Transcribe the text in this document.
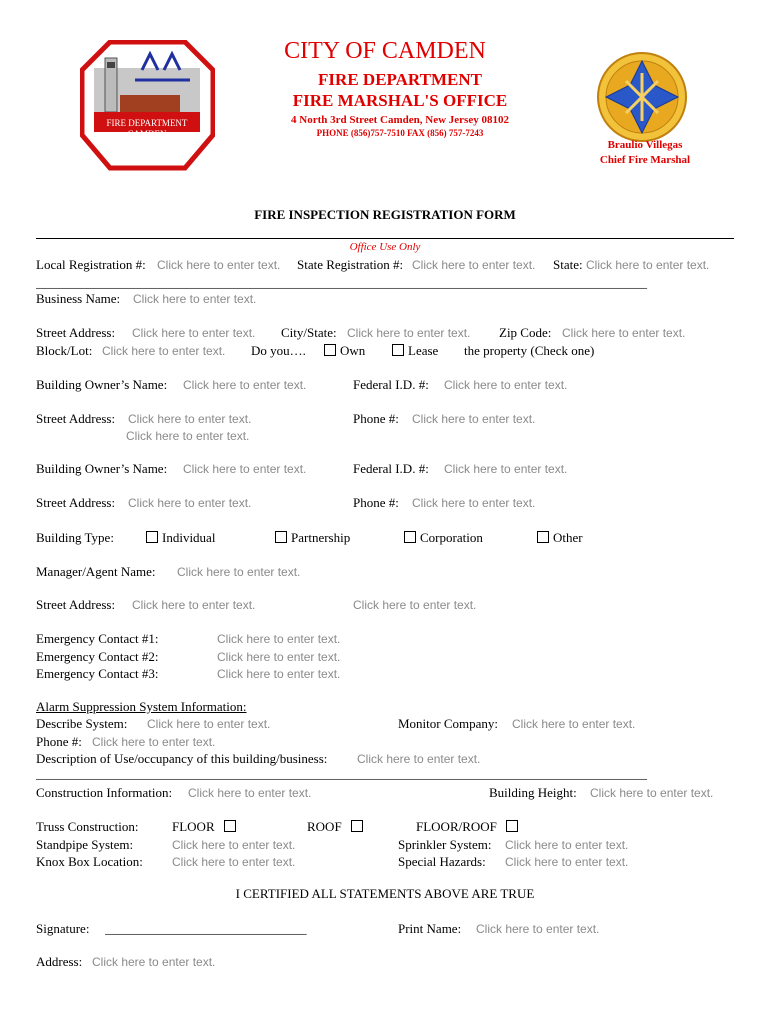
FIRE DEPARTMENT
CAMDEN
NEW JERSEY
CITY OF CAMDEN
FIRE DEPARTMENT
FIRE MARSHAL'S OFFICE
4 North 3rd Street Camden, New Jersey 08102
PHONE (856)757-7510 FAX (856) 757-7243
Braulio Villegas
Chief Fire Marshal
FIRE INSPECTION REGISTRATION FORM
Office Use Only
Local Registration #: Click here to enter text. State Registration #: Click here to enter text. State: Click here to enter text.
______________________________________________________________________________________________
Business Name: Click here to enter text.
Street Address: Click here to enter text. City/State: Click here to enter text. Zip Code: Click here to enter text.
Block/Lot: Click here to enter text. Do you….	Own	Lease the property (Check one)
Building Owner’s Name: Click here to enter text.	Federal I.D. #: Click here to enter text.
Street Address: Click here to enter text.
Click here to enter text.
Phone #: Click here to enter text.
Building Owner’s Name: Click here to enter text.	Federal I.D. #: Click here to enter text.
Street Address: Click here to enter text.	Phone #: Click here to enter text.
Building Type:	Individual	Partnership	Corporation	Other
Manager/Agent Name: Click here to enter text.
Street Address: Click here to enter text.	Click here to enter text.
Emergency Contact #1:	Click here to enter text.
Emergency Contact #2:	Click here to enter text.
Emergency Contact #3:	Click here to enter text.
Alarm Suppression System Information:
Describe System: Click here to enter text.	Monitor Company: Click here to enter text.
Phone #: Click here to enter text.
Description of Use/occupancy of this building/business: Click here to enter text.
______________________________________________________________________________________________
Construction Information: Click here to enter text.	Building Height: Click here to enter text.
Truss Construction:	FLOOR	ROOF	FLOOR/ROOF
Standpipe System:	Click here to enter text.	Sprinkler System: Click here to enter text.
Knox Box Location: Click here to enter text.	Special Hazards: Click here to enter text.
I CERTIFIED ALL STATEMENTS ABOVE ARE TRUE
Signature: _______________________________	Print Name: Click here to enter text.
Address: Click here to enter text.
